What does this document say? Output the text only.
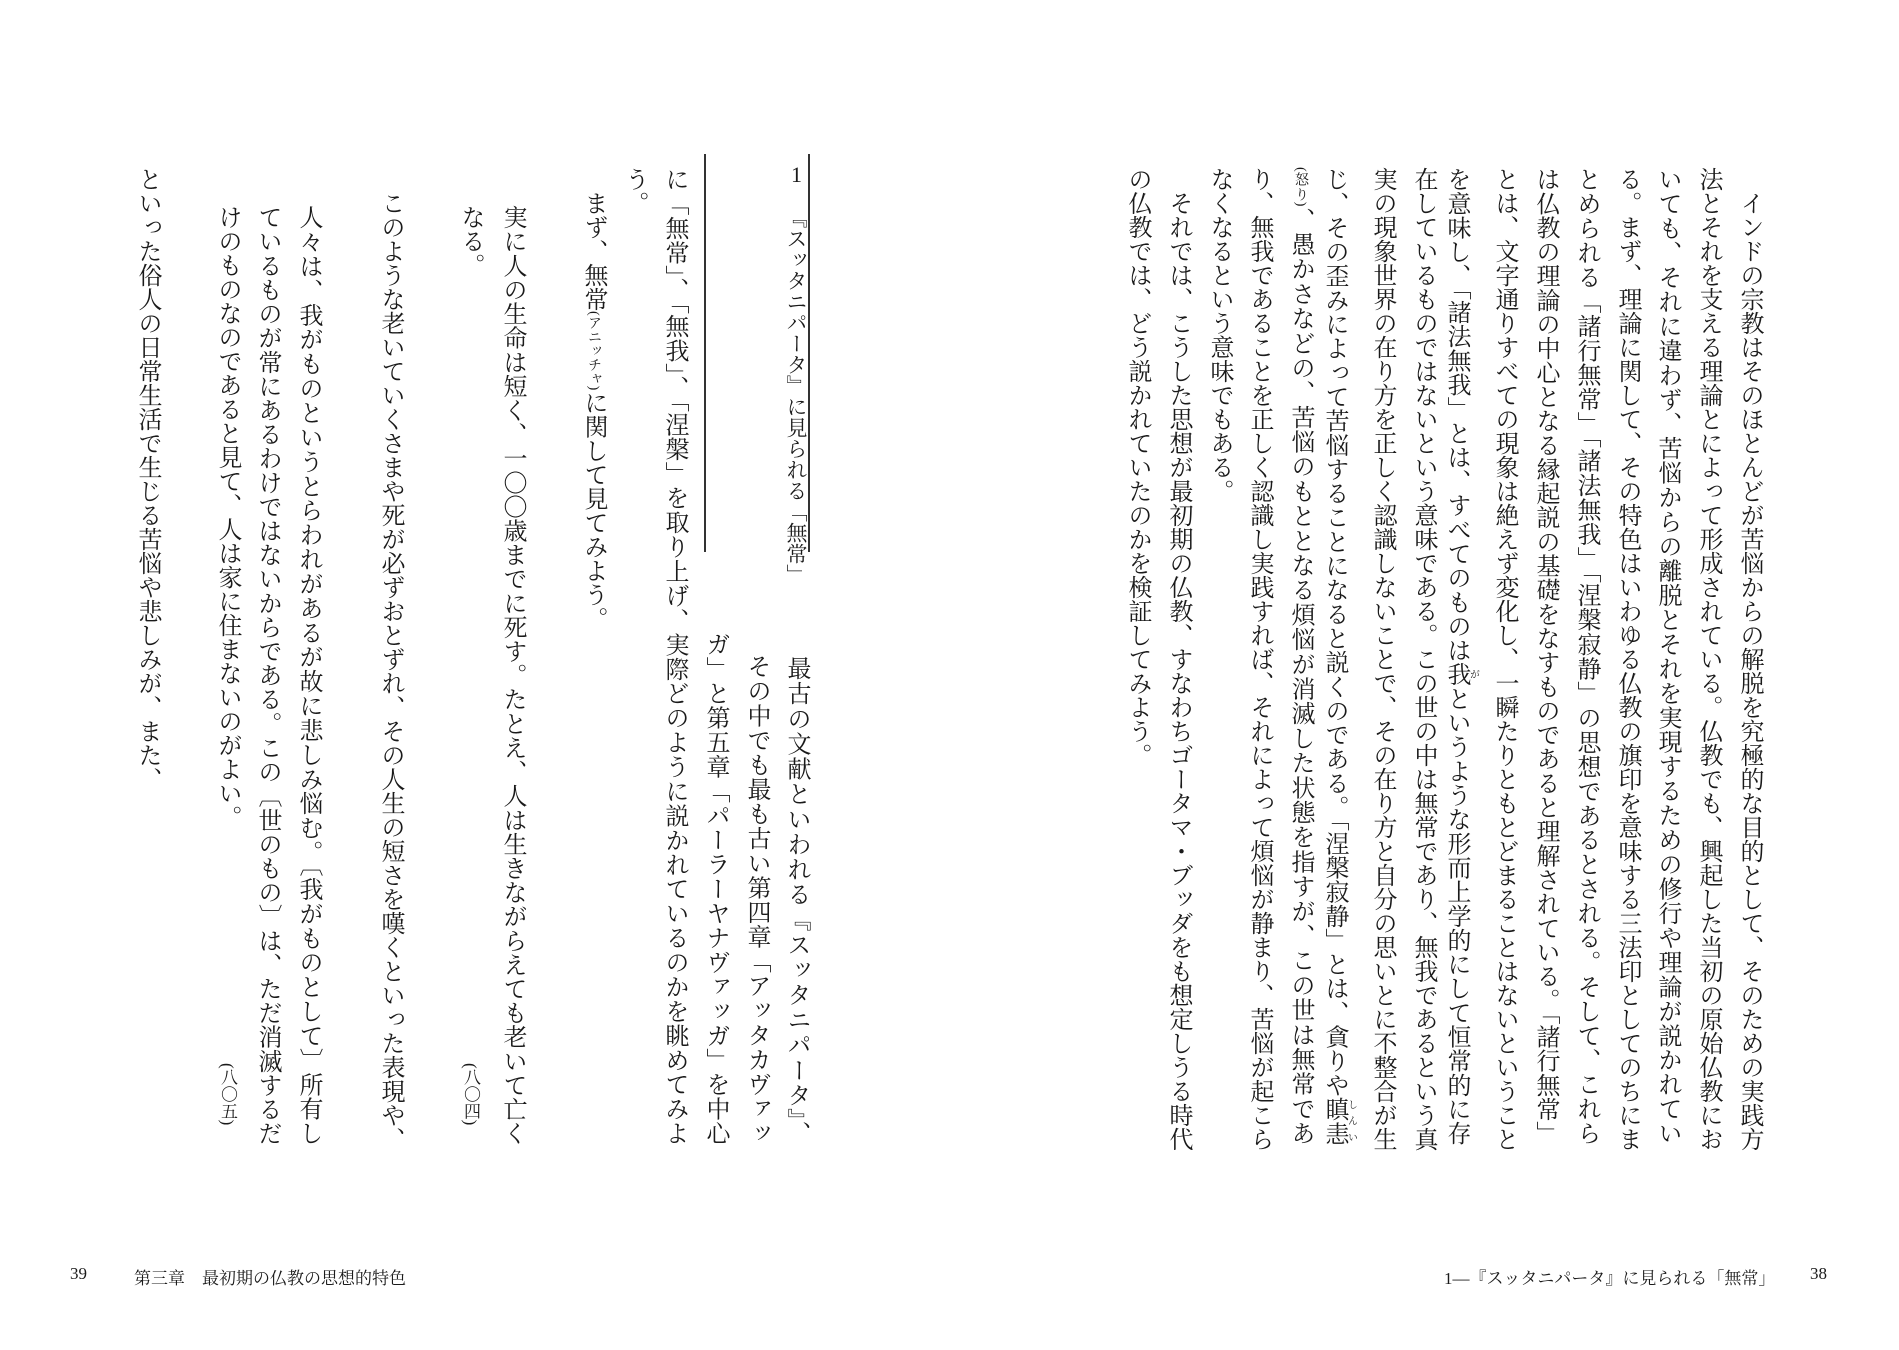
インドの宗教はそのほとんどが苦悩からの解脱を究極的な目的として、そのための実践方
法とそれを支える理論とによって形成されている。仏教でも、興起した当初の原始仏教にお
いても、それに違わず、苦悩からの離脱とそれを実現するための修行や理論が説かれてい
る。まず、理論に関して、その特色はいわゆる仏教の旗印を意味する三法印としてのちにま
とめられる「諸行無常」「諸法無我」「涅槃寂静」の思想であるとされる。そして、これら
は仏教の理論の中心となる縁起説の基礎をなすものであると理解されている。「諸行無常」
とは、文字通りすべての現象は絶えず変化し、一瞬たりともとどまることはないということ
を意味し、「諸法無我」とは、すべてのものは我がというような形而上学的にして恒常的に存
在しているものではないという意味である。この世の中は無常であり、無我であるという真
実の現象世界の在り方を正しく認識しないことで、その在り方と自分の思いとに不整合が生
じ、その歪みによって苦悩することになると説くのである。「涅槃寂静」とは、貪りや瞋恚しんい
(怒り)、愚かさなどの、苦悩のもととなる煩悩が消滅した状態を指すが、この世は無常であ
り、無我であることを正しく認識し実践すれば、それによって煩悩が静まり、苦悩が起こら
なくなるという意味でもある。
それでは、こうした思想が最初期の仏教、すなわちゴータマ・ブッダをも想定しうる時代
の仏教では、どう説かれていたのかを検証してみよう。
1—『スッタニパータ』に見られる「無常」 38
1『スッタニパータ』に見られる「無常」
最古の文献といわれる『スッタニパータ』、
その中でも最も古い第四章「アッタカヴァッ
ガ」と第五章「パーラーヤナヴァッガ」を中心
に「無常」、「無我」、「涅槃」を取り上げ、実際どのように説かれているのかを眺めてみよ
う。
まず、無常(アニッチャ)に関して見てみよう。
実に人の生命は短く、一〇〇歳までに死す。たとえ、人は生きながらえても老いて亡く
なる。
(八〇四)
このような老いていくさまや死が必ずおとずれ、その人生の短さを嘆くといった表現や、
人々は、我がものというとらわれがあるが故に悲しみ悩む。〔我がものとして〕所有し
ているものが常にあるわけではないからである。この〔世のもの〕は、ただ消滅するだ
けのものなのであると見て、人は家に住まないのがよい。
(八〇五)
といった俗人の日常生活で生じる苦悩や悲しみが、また、
39	第三章　最初期の仏教の思想的特色
